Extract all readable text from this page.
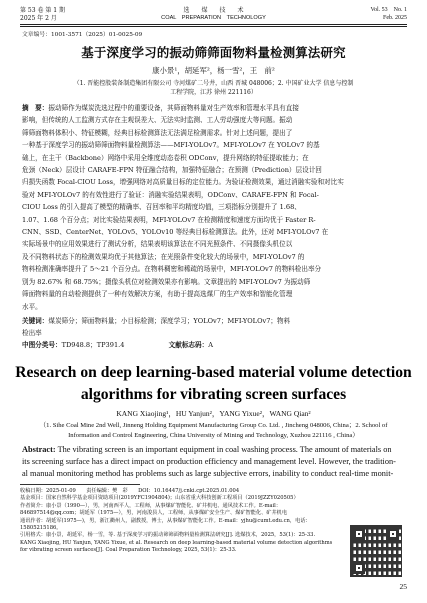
第 53 卷 第 1 期
2025 年 2 月
选　　煤　　技　　术
COAL　PREPARATION　TECHNOLOGY
Vol. 53　No. 1
Feb. 2025
文章编号：1001-3571（2025）01-0025-09
基于深度学习的振动筛筛面物料量检测算法研究
康小景¹，胡延军²，杨一雪²，王　前²
（1. 晋能控股装备制造集团有限公司 寺河煤矿二号井，山西 晋城 048006；2. 中国矿业大学 信息与控制
工程学院，江苏 徐州 221116）
摘　要：振动筛作为煤炭洗选过程中的重要设备，其筛面物料量对生产效率和管理水平具有直接
影响，但传统的人工监测方式存在主观误差大、无法实时监测、工人劳动强度大等问题。振动
筛筛面物料体积小、特征模糊，经典目标检测算法无法满足检测需求。针对上述问题，提出了
一种基于深度学习的振动筛筛面物料量检测算法——MFI-YOLOv7。MFI-YOLOv7 在 YOLOv7 的基
础上，在主干（Backbone）网络中采用全维度动态卷积 ODConv，提升网络的特征提取能力；在
危颈（Neck）层设计 CARAFE-FPN 特征融合结构，加强特征融合；在预测（Prediction）层设计回
归损失函数 Focal-CIOU Loss，增强网络对高质量目标的定位能力。为验证检测效果，通过消融实验和对比实
验对 MFI-YOLOv7 的有效性进行了验证：消融实验结果表明，ODConv、CARAFE-FPN 和 Focal-
CIOU Loss 的引入提高了模型的精确率、召回率和平均精度均值，三项指标分别提升了 1.68、
1.07、1.68 个百分点；对比实验结果表明，MFI-YOLOv7 在检测精度和速度方面均优于 Faster R-
CNN、SSD、CenterNet、YOLOv5、YOLOv10 等经典目标检测算法。此外，还对 MFI-YOLOv7 在
实际场景中的应用效果进行了测试分析，结果表明该算法在不同光照条件、不同摄像头机位以
及不同物料状态下的检测效果均优于其他算法；在光照条件变化较大的场景中，MFI-YOLOv7 的
物料检测准确率提升了 5～21 个百分点。在物料稠密和稀疏的场景中，MFI-YOLOv7 的物料检出率分
别为 82.67% 和 68.75%；摄像头机位对检测效果亦有影响。文章提出的 MFI-YOLOv7 为振动筛
筛面物料量的自动检测提供了一种有效解决方案，有助于提高选煤厂的生产效率和智能化管理
水平。
关键词：煤炭筛分；筛面物料量；小目标检测；深度学习；YOLOv7；MFI-YOLOv7；物料
检出率
中图分类号：TD948.8；TP391.4	文献标志码：A
Research on deep learning-based material volume detection
algorithms for vibrating screen surfaces
KANG Xiaojing¹，HU Yanjun²，YANG Yixue²，WANG Qian²
（1. Sihe Coal Mine 2nd Well, Jinneng Holding Equipment Manufacturing Group Co. Ltd. , Jincheng 048006, China；2. School of
Information and Control Engineering, China University of Mining and Technology, Xuzhou 221116 , China）
Abstract: The vibrating screen is an important equipment in coal washing process. The amount of materials on
its screening surface has a direct impact on production efficiency and management level. However, the tradition-
al manual monitoring method has problems such as large subjective errors, inability to conduct real-time monit-
收稿日期：2025-01-09　　责任编辑：樊　彩　　DOI：10.16447/j.cnki.cpt.2025.01.004
基金项目：国家自然科学基金项目资助项目(2019YFC1904804)；山东省重大科技创新工程项目（2019JZZY020505）
作者简介：康小景（1990—），男，河南西平人，工程师，从事煤矿智能化、矿井机电、通风技术工作。E-mail：
846897514@qq.com；胡延军（1975—），男，河南浚县人，工程师，从事煤矿安全生产、煤矿智能化、矿井机电
通讯作者：胡延军(1975—)，男，浙江衢州人，副教授，博士，从事煤矿智能化工作。E-mail：yjhu@cumt.edu.cn，电话：15805215186。
引用格式：康小景，胡延军，杨一雪，等. 基于深度学习的振动筛筛面物料量检测算法研究[J]. 选煤技术，2025，53(1)：25-33.
KANG Xiaojing, HU Yanjun, YANG Yixue, et al. Research on deep learning-based material volume detection algorithms
for vibrating screen surfaces[J]. Coal Preparation Technology, 2025, 53(1)：25-33.
25
